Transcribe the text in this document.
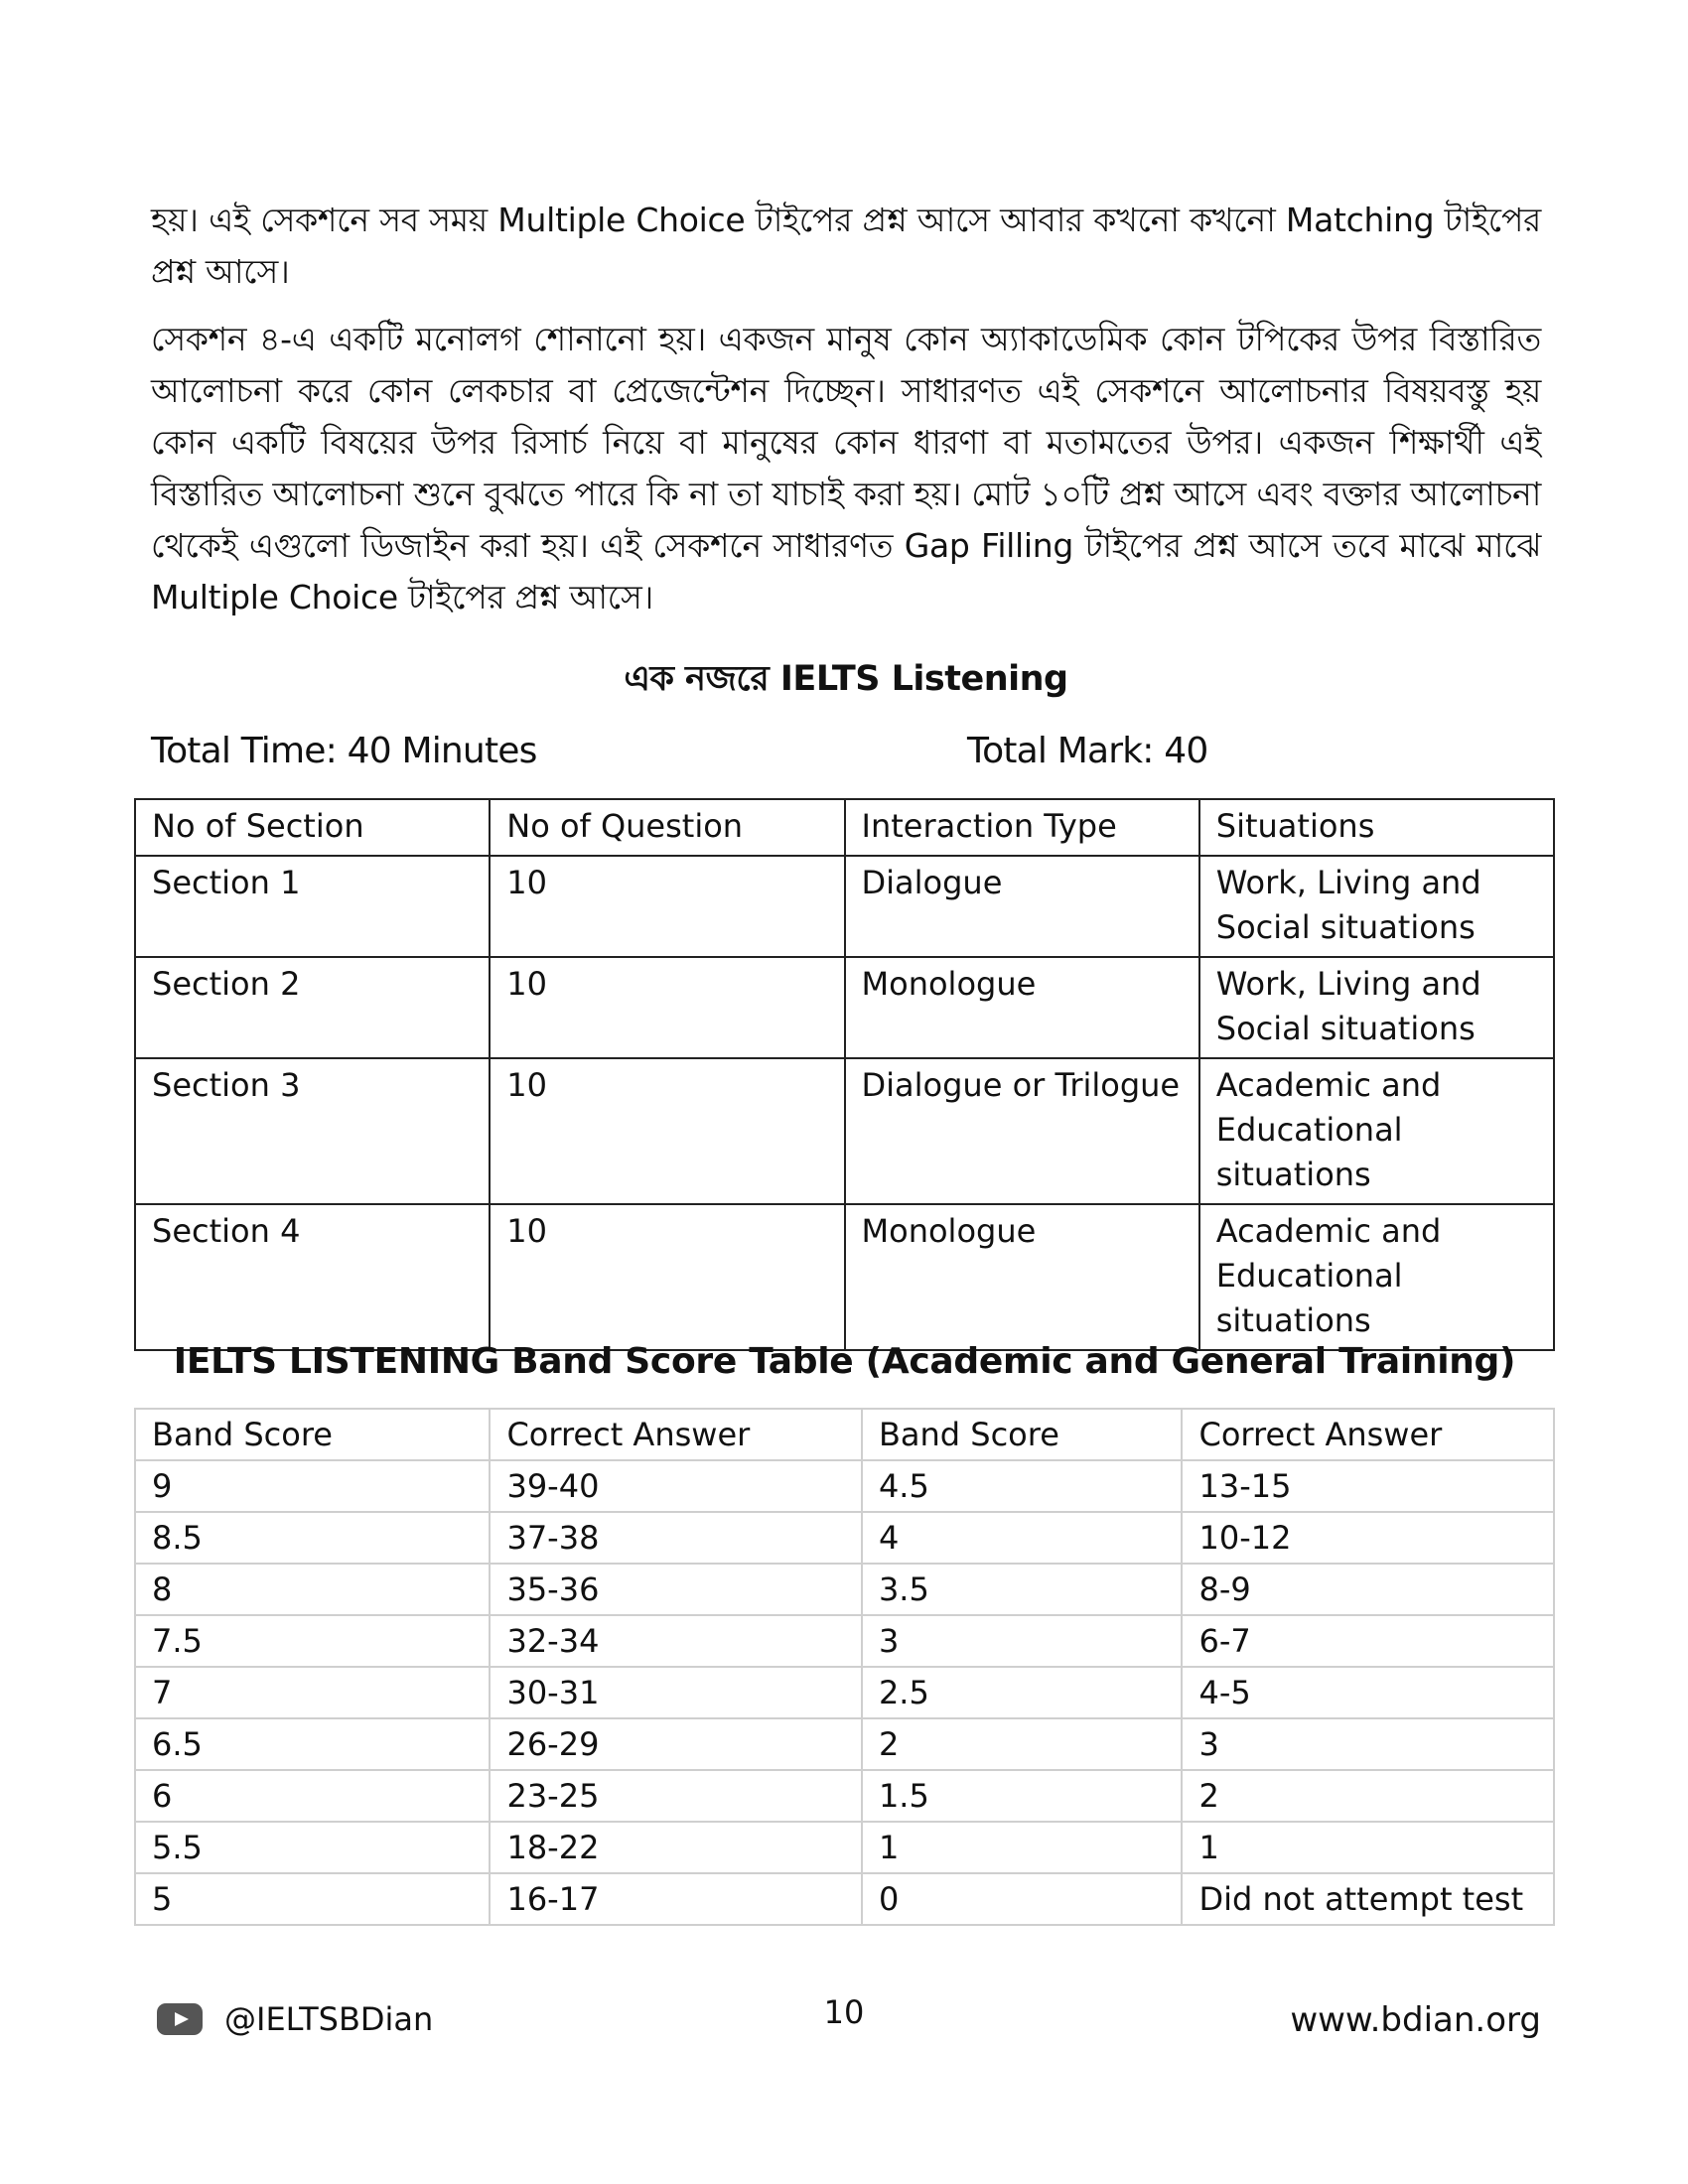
হয়। এই সেকশনে সব সময় Multiple Choice টাইপের প্রশ্ন আসে আবার কখনো কখনো Matching টাইপের প্রশ্ন আসে।

সেকশন ৪-এ একটি মনোলগ শোনানো হয়। একজন মানুষ কোন অ্যাকাডেমিক কোন টপিকের উপর বিস্তারিত আলোচনা করে কোন লেকচার বা প্রেজেন্টেশন দিচ্ছেন। সাধারণত এই সেকশনে আলোচনার বিষয়বস্তু হয় কোন একটি বিষয়ের উপর রিসার্চ নিয়ে বা মানুষের কোন ধারণা বা মতামতের উপর। একজন শিক্ষার্থী এই বিস্তারিত আলোচনা শুনে বুঝতে পারে কি না তা যাচাই করা হয়। মোট ১০টি প্রশ্ন আসে এবং বক্তার আলোচনা থেকেই এগুলো ডিজাইন করা হয়। এই সেকশনে সাধারণত Gap Filling টাইপের প্রশ্ন আসে তবে মাঝে মাঝে Multiple Choice টাইপের প্রশ্ন আসে।

এক নজরে IELTS Listening
Total Time: 40 Minutes	Total Mark: 40
No of Section	No of Question	Interaction Type	Situations
Section 1	10	Dialogue	Work, Living and Social situations
Section 2	10	Monologue	Work, Living and Social situations
Section 3	10	Dialogue or Trilogue	Academic and Educational situations
Section 4	10	Monologue	Academic and Educational situations
IELTS LISTENING Band Score Table (Academic and General Training)
Band Score	Correct Answer	Band Score	Correct Answer
9	39-40	4.5	13-15
8.5	37-38	4	10-12
8	35-36	3.5	8-9
7.5	32-34	3	6-7
7	30-31	2.5	4-5
6.5	26-29	2	3
6	23-25	1.5	2
5.5	18-22	1	1
5	16-17	0	Did not attempt test
@IELTSBDian	10	www.bdian.org
